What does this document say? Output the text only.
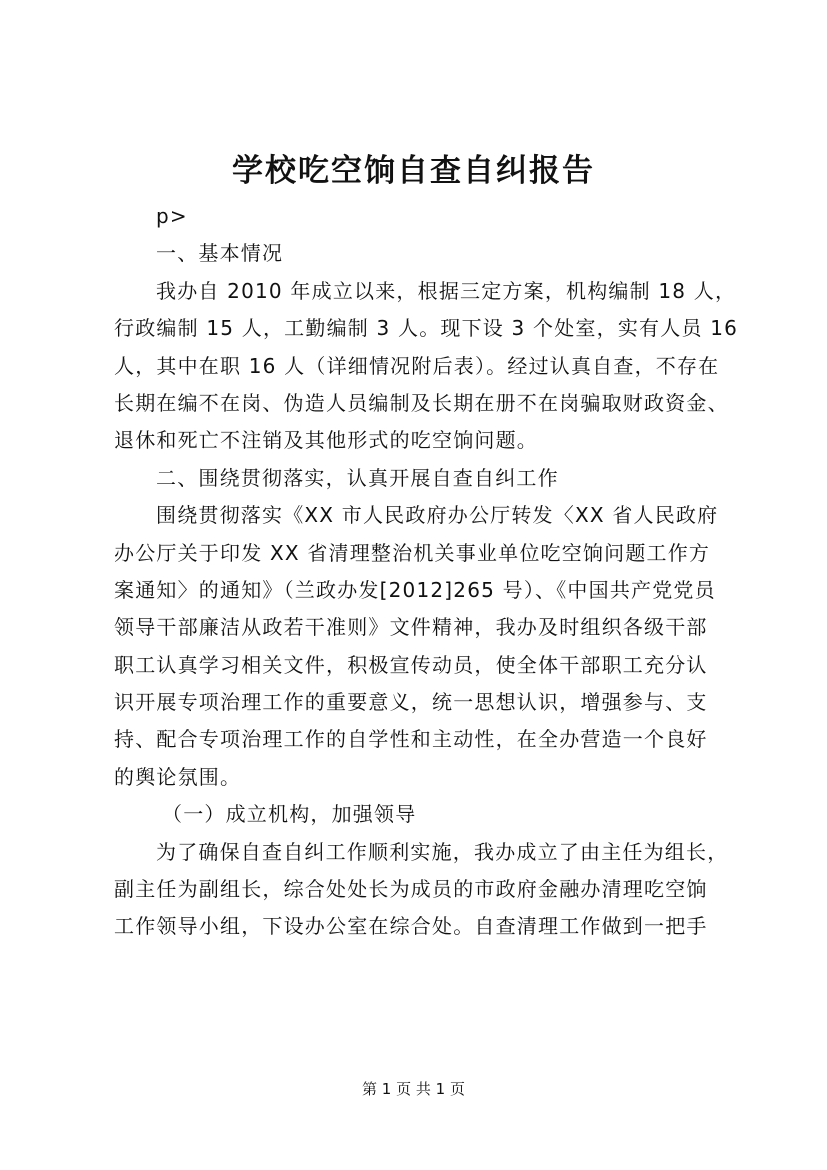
学校吃空饷自查自纠报告
p>
一、基本情况
我办自 2010 年成立以来，根据三定方案，机构编制 18 人，
行政编制 15 人，工勤编制 3 人。现下设 3 个处室，实有人员 16
人，其中在职 16 人（详细情况附后表）。经过认真自查，不存在
长期在编不在岗、伪造人员编制及长期在册不在岗骗取财政资金、
退休和死亡不注销及其他形式的吃空饷问题。
二、围绕贯彻落实，认真开展自查自纠工作
围绕贯彻落实《XX 市人民政府办公厅转发〈XX 省人民政府
办公厅关于印发 XX 省清理整治机关事业单位吃空饷问题工作方
案通知〉的通知》（兰政办发[2012]265 号）、《中国共产党党员
领导干部廉洁从政若干准则》文件精神，我办及时组织各级干部
职工认真学习相关文件，积极宣传动员，使全体干部职工充分认
识开展专项治理工作的重要意义，统一思想认识，增强参与、支
持、配合专项治理工作的自学性和主动性，在全办营造一个良好
的舆论氛围。
（一）成立机构，加强领导
为了确保自查自纠工作顺利实施，我办成立了由主任为组长，
副主任为副组长，综合处处长为成员的市政府金融办清理吃空饷
工作领导小组，下设办公室在综合处。自查清理工作做到一把手
第 1 页 共 1 页
